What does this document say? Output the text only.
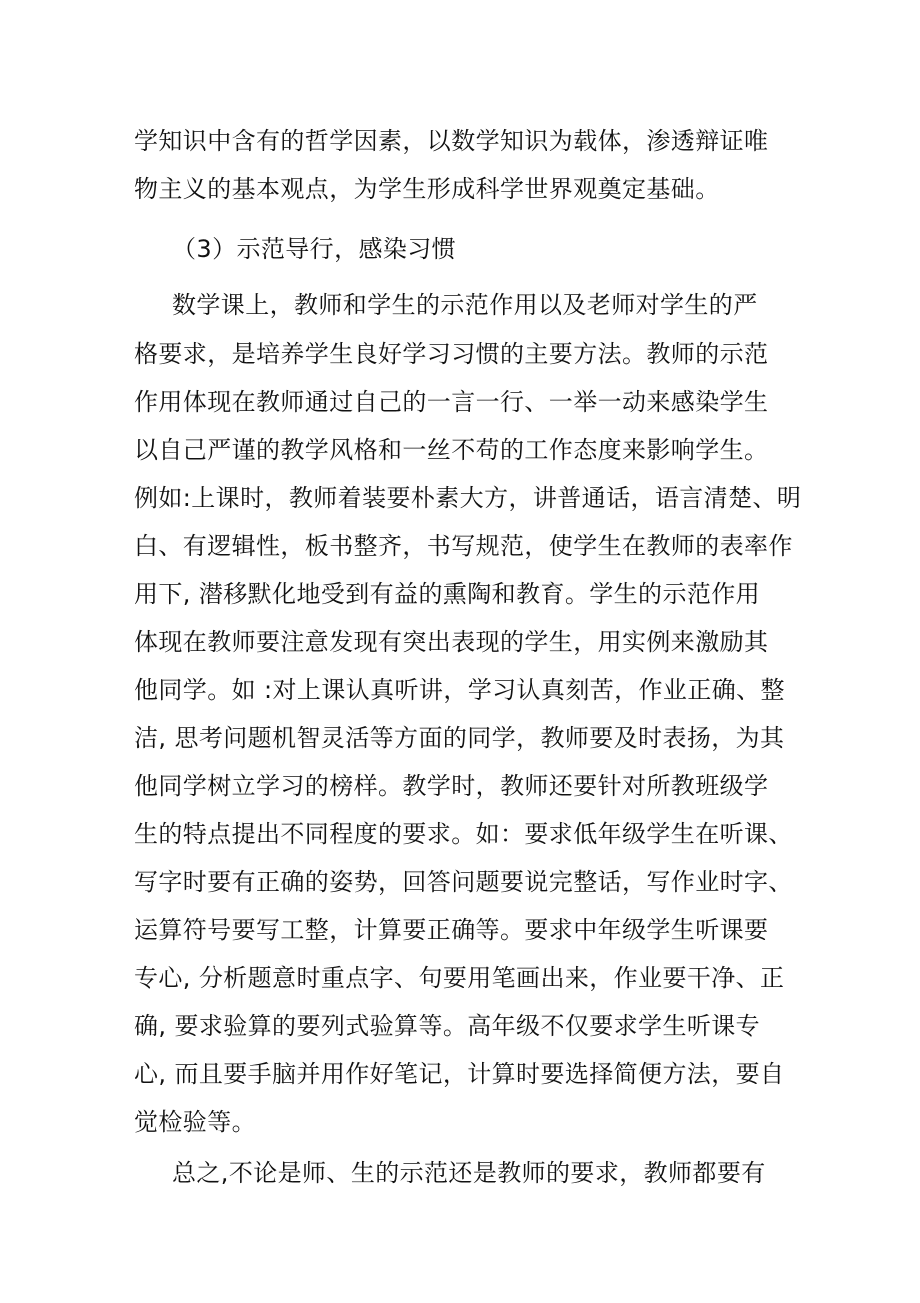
学知识中含有的哲学因素，以数学知识为载体，渗透辩证唯
物主义的基本观点，为学生形成科学世界观奠定基础。
（3）示范导行，感染习惯
数学课上，教师和学生的示范作用以及老师对学生的严
格要求，是培养学生良好学习习惯的主要方法。教师的示范
作用体现在教师通过自己的一言一行、一举一动来感染学生
以自己严谨的教学风格和一丝不苟的工作态度来影响学生。
例如:上课时，教师着装要朴素大方，讲普通话，语言清楚、明
白、有逻辑性，板书整齐，书写规范，使学生在教师的表率作
用下, 潜移默化地受到有益的熏陶和教育。学生的示范作用
体现在教师要注意发现有突出表现的学生，用实例来激励其
他同学。如 :对上课认真听讲，学习认真刻苦，作业正确、整
洁, 思考问题机智灵活等方面的同学，教师要及时表扬，为其
他同学树立学习的榜样。教学时，教师还要针对所教班级学
生的特点提出不同程度的要求。如：要求低年级学生在听课、
写字时要有正确的姿势，回答问题要说完整话，写作业时字、
运算符号要写工整，计算要正确等。要求中年级学生听课要
专心, 分析题意时重点字、句要用笔画出来，作业要干净、正
确, 要求验算的要列式验算等。高年级不仅要求学生听课专
心, 而且要手脑并用作好笔记，计算时要选择简便方法，要自
觉检验等。
总之,不论是师、生的示范还是教师的要求，教师都要有
